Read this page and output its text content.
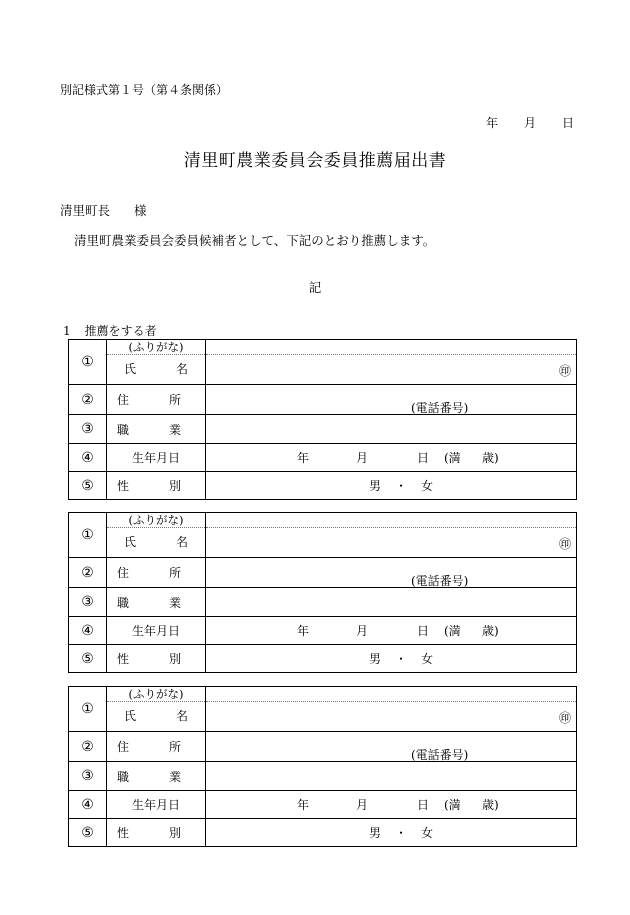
別記様式第１号（第４条関係）
年 月 日
清里町農業委員会委員推薦届出書
清里町長 様
清里町農業委員会委員候補者として、下記のとおり推薦します。
記
1 推薦をする者
①	(ふりがな)
氏　名	㊞

②	住　所	(電話番号)

③	職　業	
④	生年月日	年 月 日 (満 歳)

⑤	性　別	男 ・ 女
①	(ふりがな)
氏　名	㊞

②	住　所	(電話番号)

③	職　業	
④	生年月日	年 月 日 (満 歳)

⑤	性　別	男 ・ 女
①	(ふりがな)
氏　名	㊞

②	住　所	(電話番号)

③	職　業	
④	生年月日	年 月 日 (満 歳)

⑤	性　別	男 ・ 女
